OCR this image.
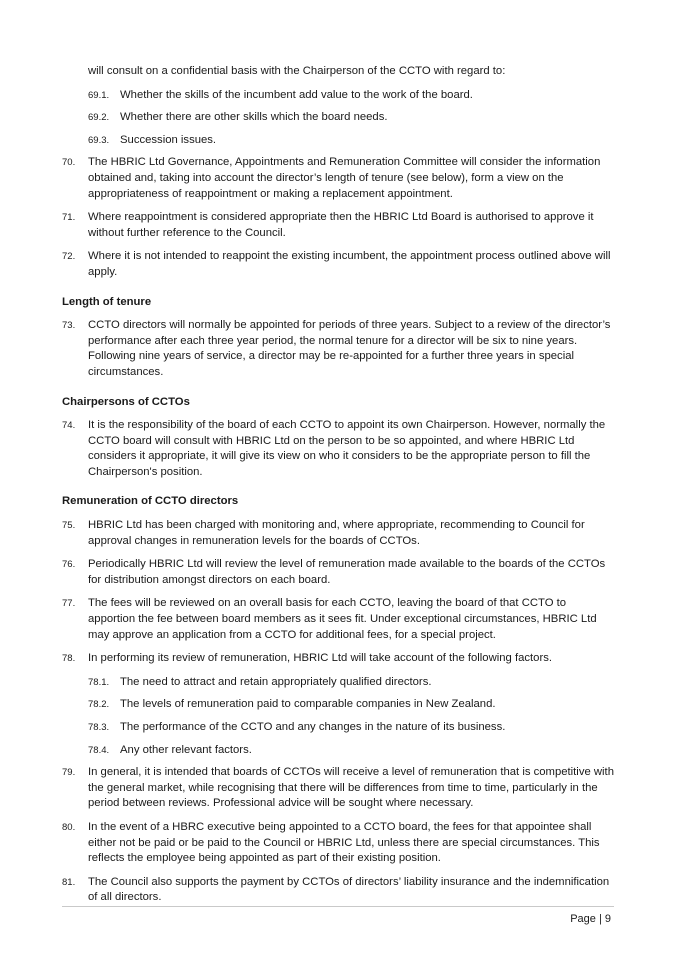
will consult on a confidential basis with the Chairperson of the CCTO with regard to:

69.1. Whether the skills of the incumbent add value to the work of the board.
69.2. Whether there are other skills which the board needs.
69.3. Succession issues.
70.	The HBRIC Ltd Governance, Appointments and Remuneration Committee will consider the information obtained and, taking into account the director’s length of tenure (see below), form a view on the appropriateness of reappointment or making a replacement appointment.
71.	Where reappointment is considered appropriate then the HBRIC Ltd Board is authorised to approve it without further reference to the Council.
72.	Where it is not intended to reappoint the existing incumbent, the appointment process outlined above will apply.
Length of tenure
73.	CCTO directors will normally be appointed for periods of three years. Subject to a review of the director’s performance after each three year period, the normal tenure for a director will be six to nine years. Following nine years of service, a director may be re-appointed for a further three years in special circumstances.
Chairpersons of CCTOs
74.	It is the responsibility of the board of each CCTO to appoint its own Chairperson. However, normally the CCTO board will consult with HBRIC Ltd on the person to be so appointed, and where HBRIC Ltd considers it appropriate, it will give its view on who it considers to be the appropriate person to fill the Chairperson's position.
Remuneration of CCTO directors
75.	HBRIC Ltd has been charged with monitoring and, where appropriate, recommending to Council for approval changes in remuneration levels for the boards of CCTOs.
76.	Periodically HBRIC Ltd will review the level of remuneration made available to the boards of the CCTOs for distribution amongst directors on each board.
77.	The fees will be reviewed on an overall basis for each CCTO, leaving the board of that CCTO to apportion the fee between board members as it sees fit. Under exceptional circumstances, HBRIC Ltd may approve an application from a CCTO for additional fees, for a special project.
78.	In performing its review of remuneration, HBRIC Ltd will take account of the following factors.
78.1. The need to attract and retain appropriately qualified directors.
78.2. The levels of remuneration paid to comparable companies in New Zealand.
78.3. The performance of the CCTO and any changes in the nature of its business.
78.4. Any other relevant factors.
79.	In general, it is intended that boards of CCTOs will receive a level of remuneration that is competitive with the general market, while recognising that there will be differences from time to time, particularly in the period between reviews. Professional advice will be sought where necessary.
80.	In the event of a HBRC executive being appointed to a CCTO board, the fees for that appointee shall either not be paid or be paid to the Council or HBRIC Ltd, unless there are special circumstances. This reflects the employee being appointed as part of their existing position.
81.	The Council also supports the payment by CCTOs of directors’ liability insurance and the indemnification of all directors.
Page | 9
